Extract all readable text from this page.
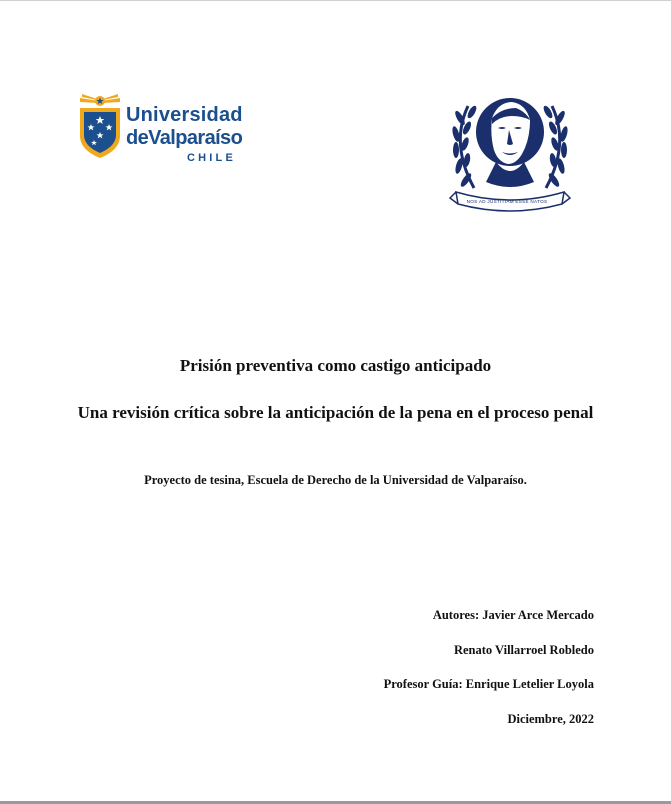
Universidad
deValparaíso
CHILE
NOS AD JUSTITIAM ESSE NATOS
Prisión preventiva como castigo anticipado
Una revisión crítica sobre la anticipación de la pena en el proceso penal
Proyecto de tesina, Escuela de Derecho de la Universidad de Valparaíso.
Autores: Javier Arce Mercado
Renato Villarroel Robledo
Profesor Guía: Enrique Letelier Loyola
Diciembre, 2022
